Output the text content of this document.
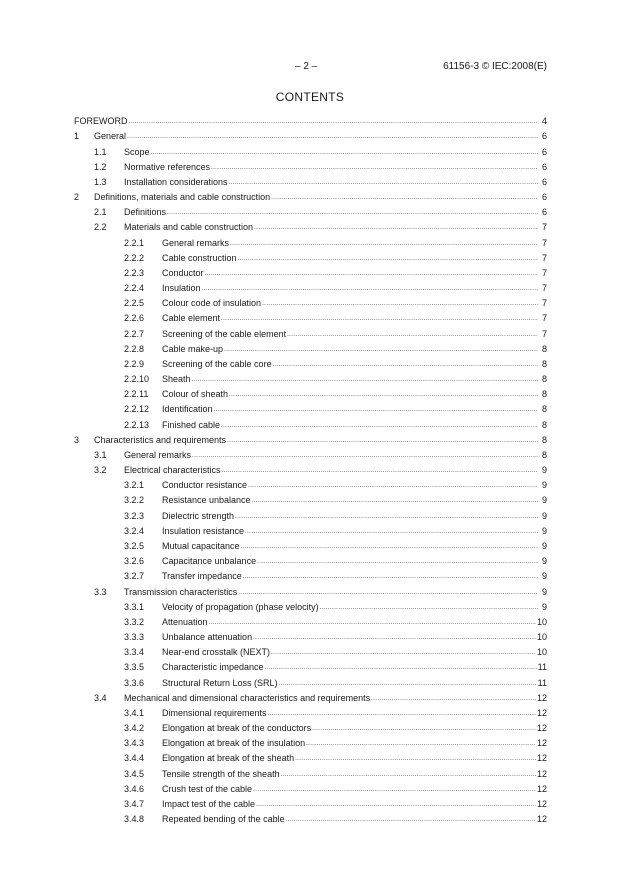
– 2 –	61156-3 © IEC:2008(E)
CONTENTS
FOREWORD .....	4
1	General .....	6
1.1	Scope .....	6
1.2	Normative references .....	6
1.3	Installation considerations .....	6
2	Definitions, materials and cable construction .....	6
2.1	Definitions .....	6
2.2	Materials and cable construction .....	7
2.2.1	General remarks .....	7
2.2.2	Cable construction .....	7
2.2.3	Conductor .....	7
2.2.4	Insulation .....	7
2.2.5	Colour code of insulation .....	7
2.2.6	Cable element .....	7
2.2.7	Screening of the cable element .....	7
2.2.8	Cable make-up .....	8
2.2.9	Screening of the cable core .....	8
2.2.10	Sheath .....	8
2.2.11	Colour of sheath .....	8
2.2.12	Identification .....	8
2.2.13	Finished cable .....	8
3	Characteristics and requirements .....	8
3.1	General remarks .....	8
3.2	Electrical characteristics .....	9
3.2.1	Conductor resistance .....	9
3.2.2	Resistance unbalance .....	9
3.2.3	Dielectric strength .....	9
3.2.4	Insulation resistance .....	9
3.2.5	Mutual capacitance .....	9
3.2.6	Capacitance unbalance .....	9
3.2.7	Transfer impedance .....	9
3.3	Transmission characteristics .....	9
3.3.1	Velocity of propagation (phase velocity) .....	9
3.3.2	Attenuation .....	10
3.3.3	Unbalance attenuation .....	10
3.3.4	Near-end crosstalk (NEXT) .....	10
3.3.5	Characteristic impedance .....	11
3.3.6	Structural Return Loss (SRL) .....	11
3.4	Mechanical and dimensional characteristics and requirements .....	12
3.4.1	Dimensional requirements .....	12
3.4.2	Elongation at break of the conductors .....	12
3.4.3	Elongation at break of the insulation .....	12
3.4.4	Elongation at break of the sheath .....	12
3.4.5	Tensile strength of the sheath .....	12
3.4.6	Crush test of the cable .....	12
3.4.7	Impact test of the cable .....	12
3.4.8	Repeated bending of the cable .....	12
